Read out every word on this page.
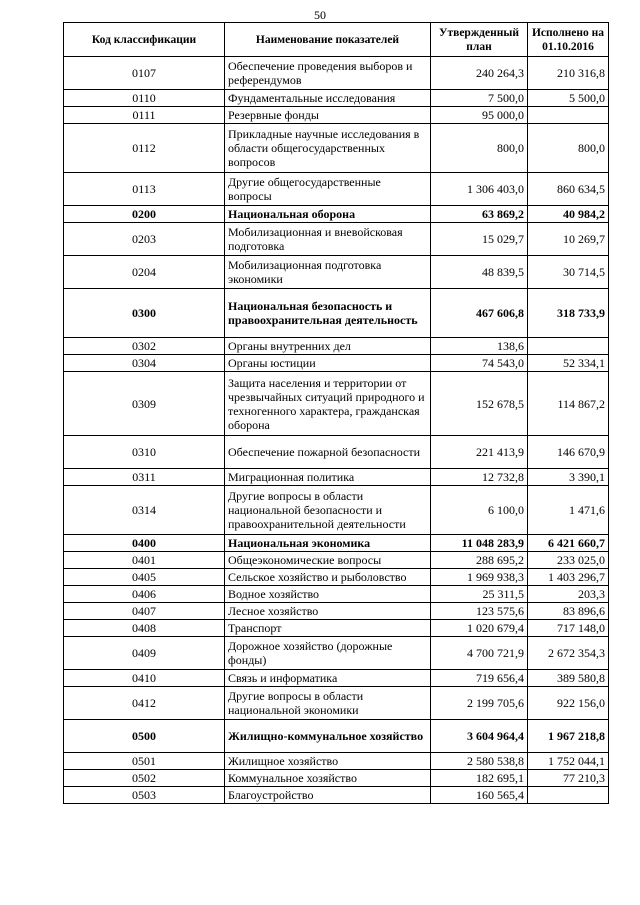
50
Код классификации	Наименование показателей	Утвержденный план	Исполнено на 01.10.2016
0107	Обеспечение проведения выборов и референдумов	240 264,3	210 316,8
0110	Фундаментальные исследования	7 500,0	5 500,0
0111	Резервные фонды	95 000,0	
0112	Прикладные научные исследования в области общегосударственных вопросов	800,0	800,0
0113	Другие общегосударственные вопросы	1 306 403,0	860 634,5
0200	Национальная оборона	63 869,2	40 984,2
0203	Мобилизационная и вневойсковая подготовка	15 029,7	10 269,7
0204	Мобилизационная подготовка экономики	48 839,5	30 714,5
0300	Национальная безопасность и правоохранительная деятельность	467 606,8	318 733,9
0302	Органы внутренних дел	138,6	
0304	Органы юстиции	74 543,0	52 334,1
0309	Защита населения и территории от чрезвычайных ситуаций природного и техногенного характера, гражданская оборона	152 678,5	114 867,2
0310	Обеспечение пожарной безопасности	221 413,9	146 670,9
0311	Миграционная политика	12 732,8	3 390,1
0314	Другие вопросы в области национальной безопасности и правоохранительной деятельности	6 100,0	1 471,6
0400	Национальная экономика	11 048 283,9	6 421 660,7
0401	Общеэкономические вопросы	288 695,2	233 025,0
0405	Сельское хозяйство и рыболовство	1 969 938,3	1 403 296,7
0406	Водное хозяйство	25 311,5	203,3
0407	Лесное хозяйство	123 575,6	83 896,6
0408	Транспорт	1 020 679,4	717 148,0
0409	Дорожное хозяйство (дорожные фонды)	4 700 721,9	2 672 354,3
0410	Связь и информатика	719 656,4	389 580,8
0412	Другие вопросы в области национальной экономики	2 199 705,6	922 156,0
0500	Жилищно-коммунальное хозяйство	3 604 964,4	1 967 218,8
0501	Жилищное хозяйство	2 580 538,8	1 752 044,1
0502	Коммунальное хозяйство	182 695,1	77 210,3
0503	Благоустройство	160 565,4	
